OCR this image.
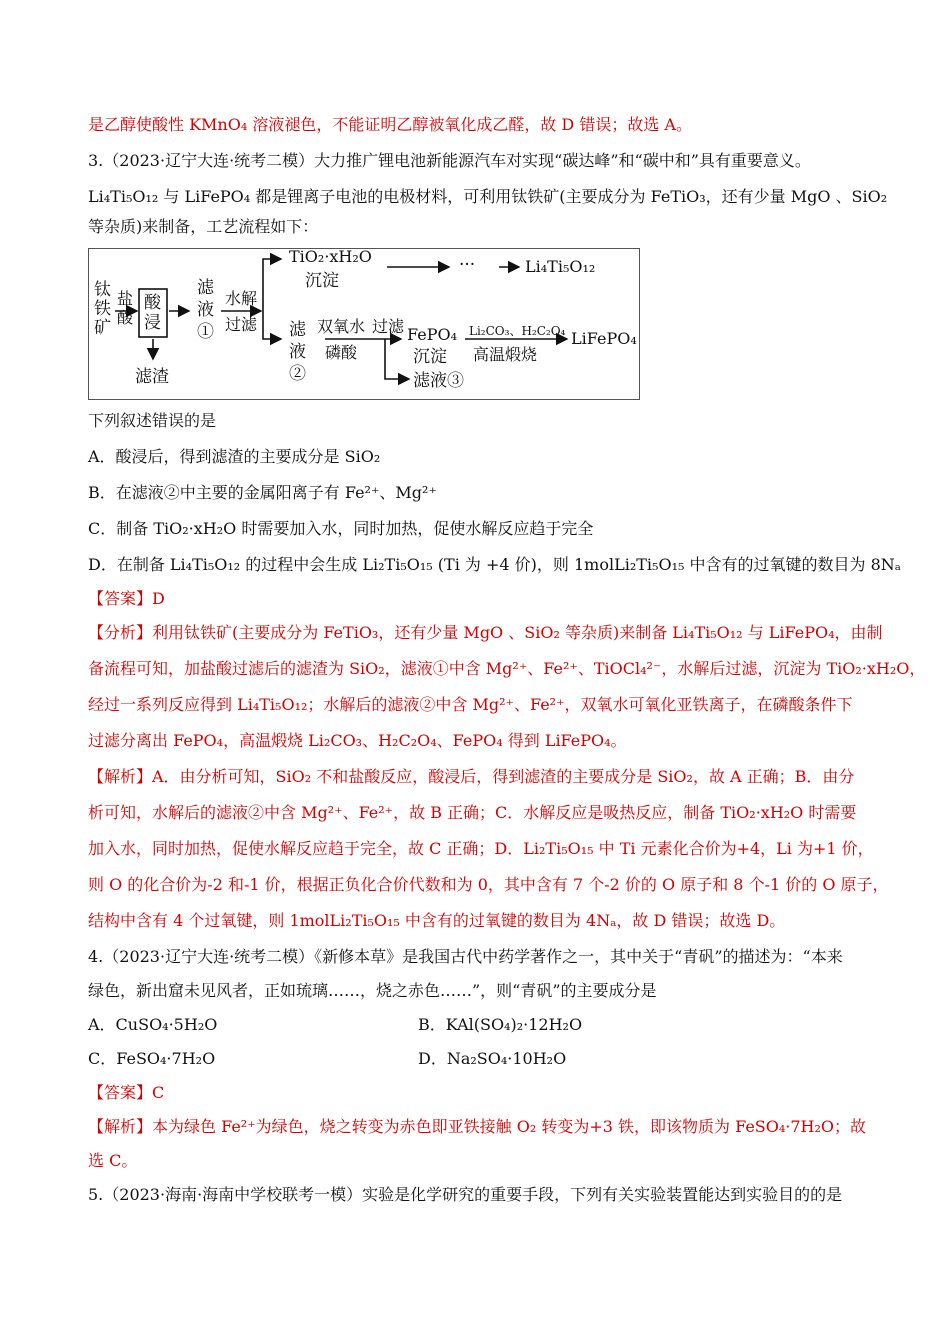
是乙醇使酸性 KMnO₄ 溶液褪色，不能证明乙醇被氧化成乙醛，故 D 错误；故选 A。
3.（2023·辽宁大连·统考二模）大力推广锂电池新能源汽车对实现“碳达峰”和“碳中和”具有重要意义。
Li₄Ti₅O₁₂ 与 LiFePO₄ 都是锂离子电池的电极材料，可利用钛铁矿(主要成分为 FeTiO₃，还有少量 MgO 、SiO₂
等杂质)来制备，工艺流程如下：
钛铁矿
盐酸
酸浸
滤渣
滤液①
水解
过滤
TiO₂·xH₂O
沉淀
···	Li₄Ti₅O₁₂
滤液②
双氧水
磷酸
过滤 FePO₄
沉淀
Li₂CO₃、H₂C₂O₄
高温煅烧
LiFePO₄
滤液③
下列叙述错误的是
A．酸浸后，得到滤渣的主要成分是 SiO₂
B．在滤液②中主要的金属阳离子有 Fe²⁺、Mg²⁺
C．制备 TiO₂·xH₂O 时需要加入水，同时加热，促使水解反应趋于完全
D．在制备 Li₄Ti₅O₁₂ 的过程中会生成 Li₂Ti₅O₁₅ (Ti 为 +4 价)，则 1molLi₂Ti₅O₁₅ 中含有的过氧键的数目为 8Nₐ
【答案】D
【分析】利用钛铁矿(主要成分为 FeTiO₃，还有少量 MgO 、SiO₂ 等杂质)来制备 Li₄Ti₅O₁₂ 与 LiFePO₄，由制
备流程可知，加盐酸过滤后的滤渣为 SiO₂，滤液①中含 Mg²⁺、Fe²⁺、TiOCl₄²⁻，水解后过滤，沉淀为 TiO₂·xH₂O，
经过一系列反应得到 Li₄Ti₅O₁₂；水解后的滤液②中含 Mg²⁺、Fe²⁺，双氧水可氧化亚铁离子，在磷酸条件下
过滤分离出 FePO₄，高温煅烧 Li₂CO₃、H₂C₂O₄、FePO₄ 得到 LiFePO₄。
【解析】A．由分析可知，SiO₂ 不和盐酸反应，酸浸后，得到滤渣的主要成分是 SiO₂，故 A 正确；B．由分
析可知，水解后的滤液②中含 Mg²⁺、Fe²⁺，故 B 正确；C．水解反应是吸热反应，制备 TiO₂·xH₂O 时需要
加入水，同时加热，促使水解反应趋于完全，故 C 正确；D．Li₂Ti₅O₁₅ 中 Ti 元素化合价为+4，Li 为+1 价，
则 O 的化合价为-2 和-1 价，根据正负化合价代数和为 0，其中含有 7 个-2 价的 O 原子和 8 个-1 价的 O 原子，
结构中含有 4 个过氧键，则 1molLi₂Ti₅O₁₅ 中含有的过氧键的数目为 4Nₐ，故 D 错误；故选 D。
4.（2023·辽宁大连·统考二模）《新修本草》是我国古代中药学著作之一，其中关于“青矾”的描述为：“本来
绿色，新出窟未见风者，正如琉璃……，烧之赤色……”，则“青矾”的主要成分是
A．CuSO₄·5H₂O	B．KAl(SO₄)₂·12H₂O
C．FeSO₄·7H₂O	D．Na₂SO₄·10H₂O
【答案】C
【解析】本为绿色 Fe²⁺为绿色，烧之转变为赤色即亚铁接触 O₂ 转变为+3 铁，即该物质为 FeSO₄·7H₂O；故
选 C。
5.（2023·海南·海南中学校联考一模）实验是化学研究的重要手段，下列有关实验装置能达到实验目的的是
